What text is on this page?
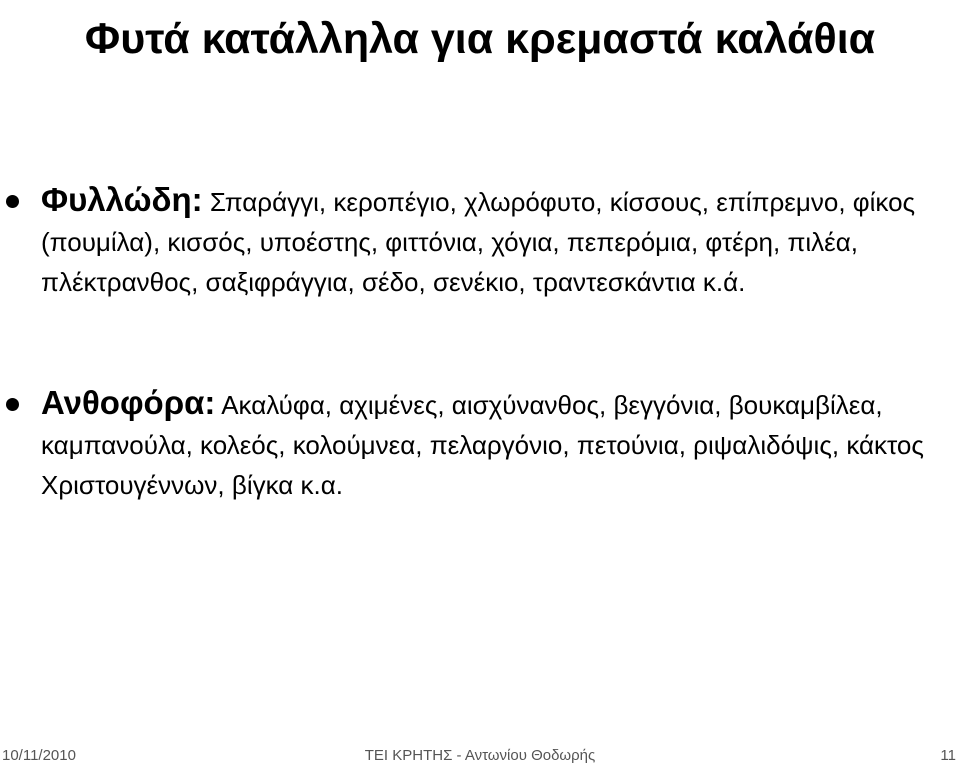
Φυτά κατάλληλα για κρεμαστά καλάθια
Φυλλώδη: Σπαράγγι, κεροπέγιο, χλωρόφυτο, κίσσους, επίπρεμνο, φίκος (πουμίλα), κισσός, υποέστης, φιττόνια, χόγια, πεπερόμια, φτέρη, πιλέα, πλέκτρανθος, σαξιφράγγια, σέδο, σενέκιο, τραντεσκάντια κ.ά.
Ανθοφόρα: Ακαλύφα, αχιμένες, αισχύνανθος, βεγγόνια, βουκαμβίλεα, καμπανούλα, κολεός, κολούμνεα, πελαργόνιο, πετούνια, ριψαλιδόψις, κάκτος Χριστουγέννων, βίγκα κ.α.
10/11/2010	ΤΕΙ ΚΡΗΤΗΣ - Αντωνίου Θοδωρής	11
